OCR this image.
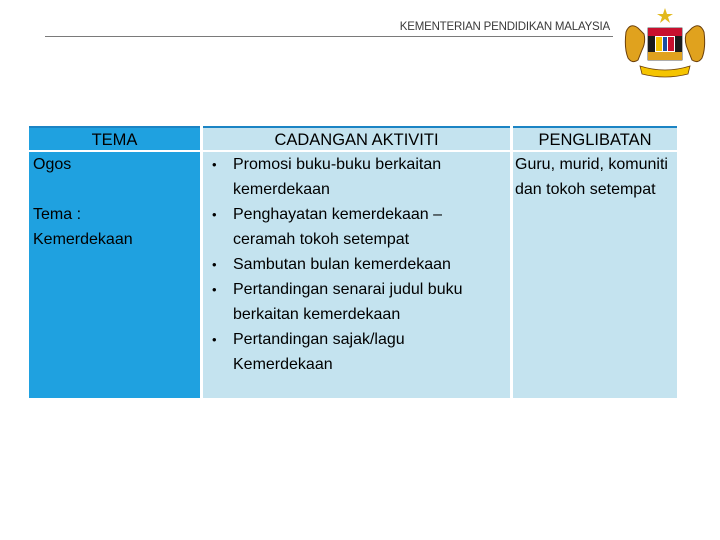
KEMENTERIAN PENDIDIKAN MALAYSIA
TEMA	CADANGAN AKTIVITI	PENGLIBATAN
Ogos
Tema : Kemerdekaan
• Promosi buku-buku berkaitan kemerdekaan
• Penghayatan kemerdekaan – ceramah tokoh setempat
• Sambutan bulan kemerdekaan
• Pertandingan senarai judul buku berkaitan kemerdekaan
• Pertandingan sajak/lagu Kemerdekaan
Guru, murid, komuniti dan tokoh setempat
